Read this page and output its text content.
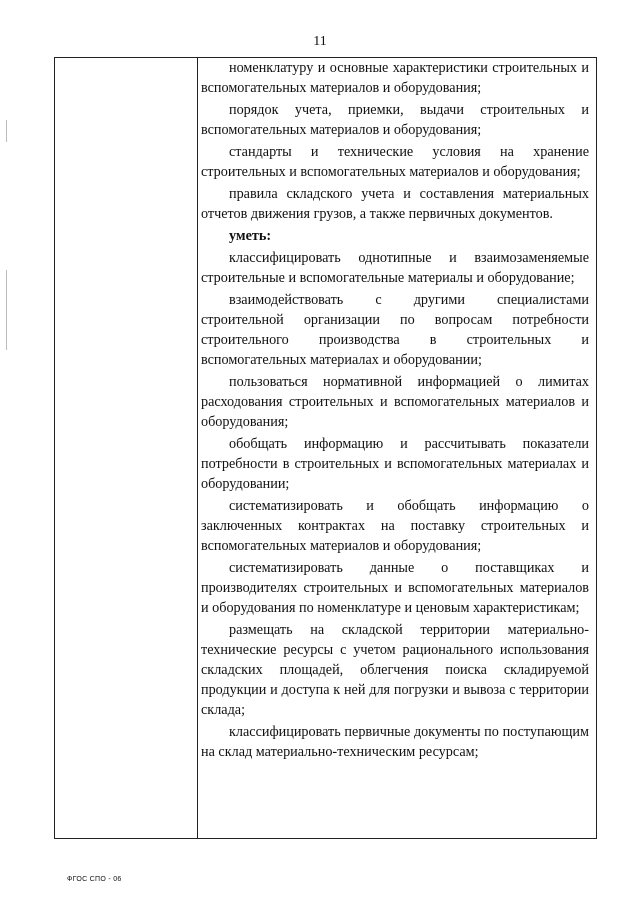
11

номенклатуру и основные характеристики строительных и вспомогательных материалов и оборудования;

порядок учета, приемки, выдачи строительных и вспомогательных материалов и оборудования;

стандарты и технические условия на хранение строительных и вспомогательных материалов и оборудования;

правила складского учета и составления материальных отчетов движения грузов, а также первичных документов.

уметь:

классифицировать однотипные и взаимозаменяемые строительные и вспомогательные материалы и оборудование;

взаимодействовать с другими специалистами строительной организации по вопросам потребности строительного производства в строительных и вспомогательных материалах и оборудовании;

пользоваться нормативной информацией о лимитах расходования строительных и вспомогательных материалов и оборудования;

обобщать информацию и рассчитывать показатели потребности в строительных и вспомогательных материалах и оборудовании;

систематизировать и обобщать информацию о заключенных контрактах на поставку строительных и вспомогательных материалов и оборудования;

систематизировать данные о поставщиках и производителях строительных и вспомогательных материалов и оборудования по номенклатуре и ценовым характеристикам;

размещать на складской территории материально-технические ресурсы с учетом рационального использования складских площадей, облегчения поиска складируемой продукции и доступа к ней для погрузки и вывоза с территории склада;

классифицировать первичные документы по поступающим на склад материально-техническим ресурсам;

ФГОС СПО - 06
